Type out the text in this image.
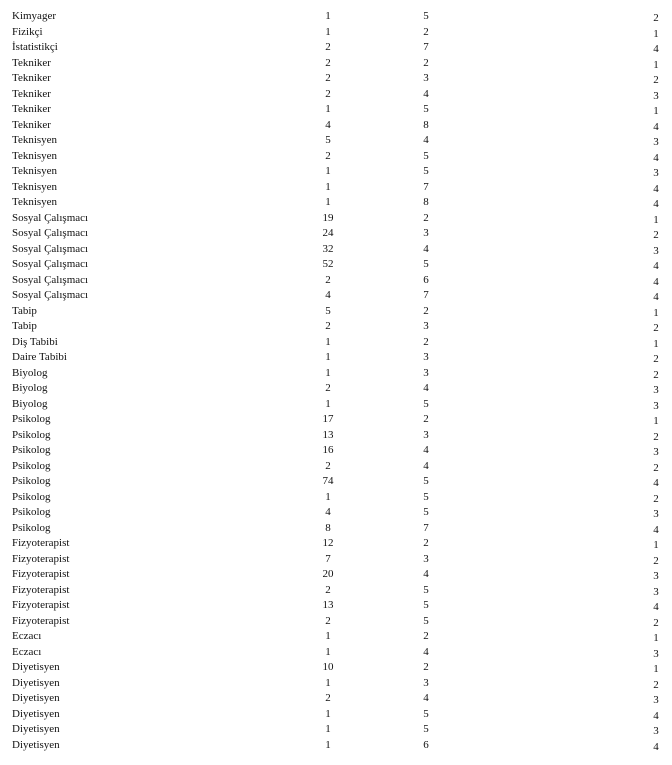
Kimyager	1	5	2
Fizikçi	1	2	1
İstatistikçi	2	7	4
Tekniker	2	2	1
Tekniker	2	3	2
Tekniker	2	4	3
Tekniker	1	5	1
Tekniker	4	8	4
Teknisyen	5	4	3
Teknisyen	2	5	4
Teknisyen	1	5	3
Teknisyen	1	7	4
Teknisyen	1	8	4
Sosyal Çalışmacı	19	2	1
Sosyal Çalışmacı	24	3	2
Sosyal Çalışmacı	32	4	3
Sosyal Çalışmacı	52	5	4
Sosyal Çalışmacı	2	6	4
Sosyal Çalışmacı	4	7	4
Tabip	5	2	1
Tabip	2	3	2
Diş Tabibi	1	2	1
Daire Tabibi	1	3	2
Biyolog	1	3	2
Biyolog	2	4	3
Biyolog	1	5	3
Psikolog	17	2	1
Psikolog	13	3	2
Psikolog	16	4	3
Psikolog	2	4	2
Psikolog	74	5	4
Psikolog	1	5	2
Psikolog	4	5	3
Psikolog	8	7	4
Fizyoterapist	12	2	1
Fizyoterapist	7	3	2
Fizyoterapist	20	4	3
Fizyoterapist	2	5	3
Fizyoterapist	13	5	4
Fizyoterapist	2	5	2
Eczacı	1	2	1
Eczacı	1	4	3
Diyetisyen	10	2	1
Diyetisyen	1	3	2
Diyetisyen	2	4	3
Diyetisyen	1	5	4
Diyetisyen	1	5	3
Diyetisyen	1	6	4
